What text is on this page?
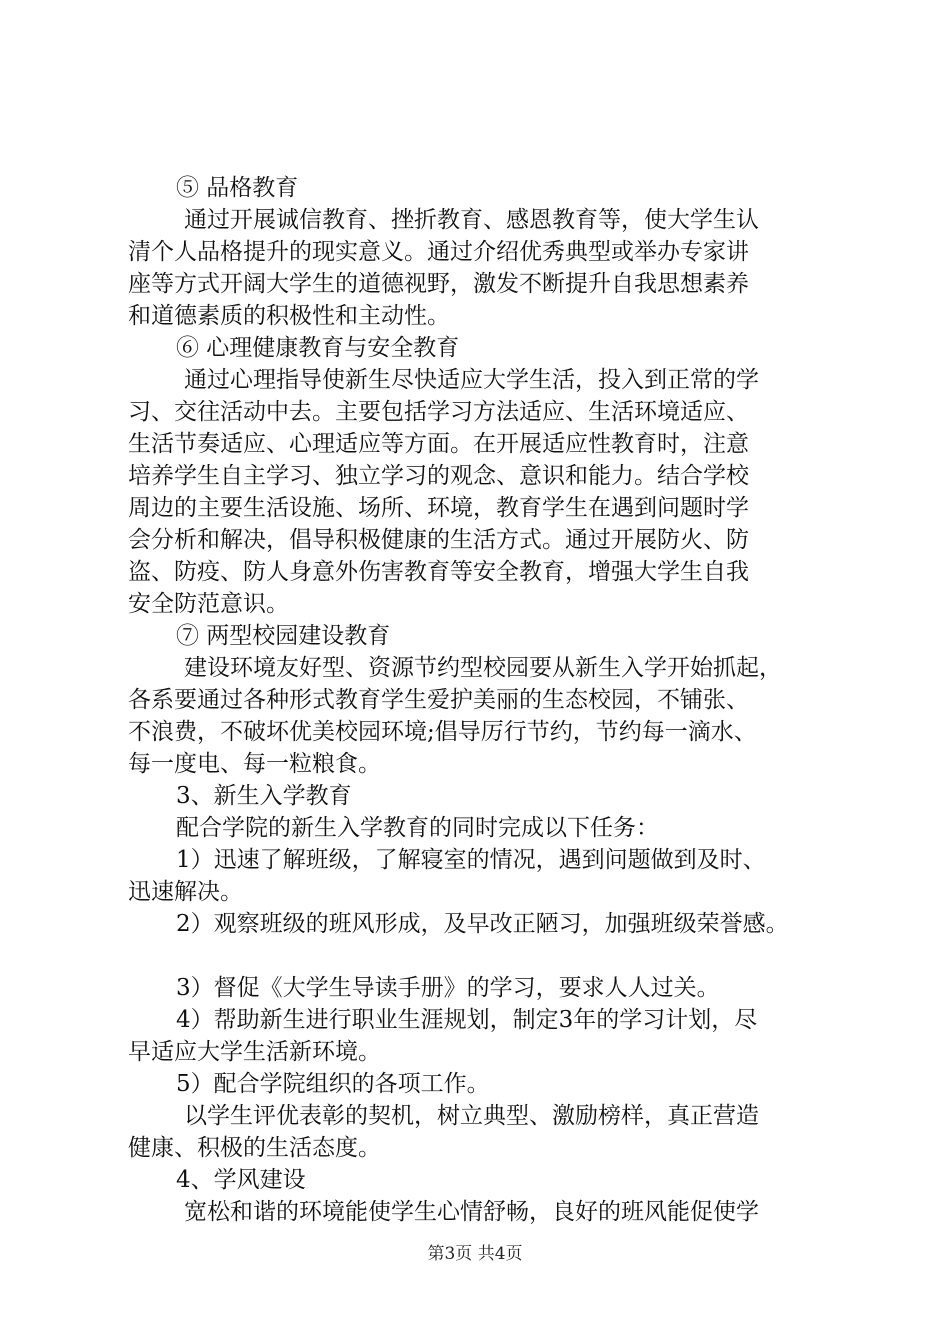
⑤ 品格教育
通过开展诚信教育、挫折教育、感恩教育等，使大学生认
清个人品格提升的现实意义。通过介绍优秀典型或举办专家讲
座等方式开阔大学生的道德视野，激发不断提升自我思想素养
和道德素质的积极性和主动性。
⑥ 心理健康教育与安全教育
通过心理指导使新生尽快适应大学生活，投入到正常的学
习、交往活动中去。主要包括学习方法适应、生活环境适应、
生活节奏适应、心理适应等方面。在开展适应性教育时，注意
培养学生自主学习、独立学习的观念、意识和能力。结合学校
周边的主要生活设施、场所、环境，教育学生在遇到问题时学
会分析和解决，倡导积极健康的生活方式。通过开展防火、防
盗、防疫、防人身意外伤害教育等安全教育，增强大学生自我
安全防范意识。
⑦ 两型校园建设教育
建设环境友好型、资源节约型校园要从新生入学开始抓起，
各系要通过各种形式教育学生爱护美丽的生态校园，不铺张、
不浪费，不破坏优美校园环境;倡导厉行节约，节约每一滴水、
每一度电、每一粒粮食。
3、新生入学教育
配合学院的新生入学教育的同时完成以下任务：
1）迅速了解班级，了解寝室的情况，遇到问题做到及时、
迅速解决。
2）观察班级的班风形成，及早改正陋习，加强班级荣誉感。
3）督促《大学生导读手册》的学习，要求人人过关。
4）帮助新生进行职业生涯规划，制定3年的学习计划，尽
早适应大学生活新环境。
5）配合学院组织的各项工作。
以学生评优表彰的契机，树立典型、激励榜样，真正营造
健康、积极的生活态度。
4、学风建设
宽松和谐的环境能使学生心情舒畅，良好的班风能促使学
第3页 共4页
